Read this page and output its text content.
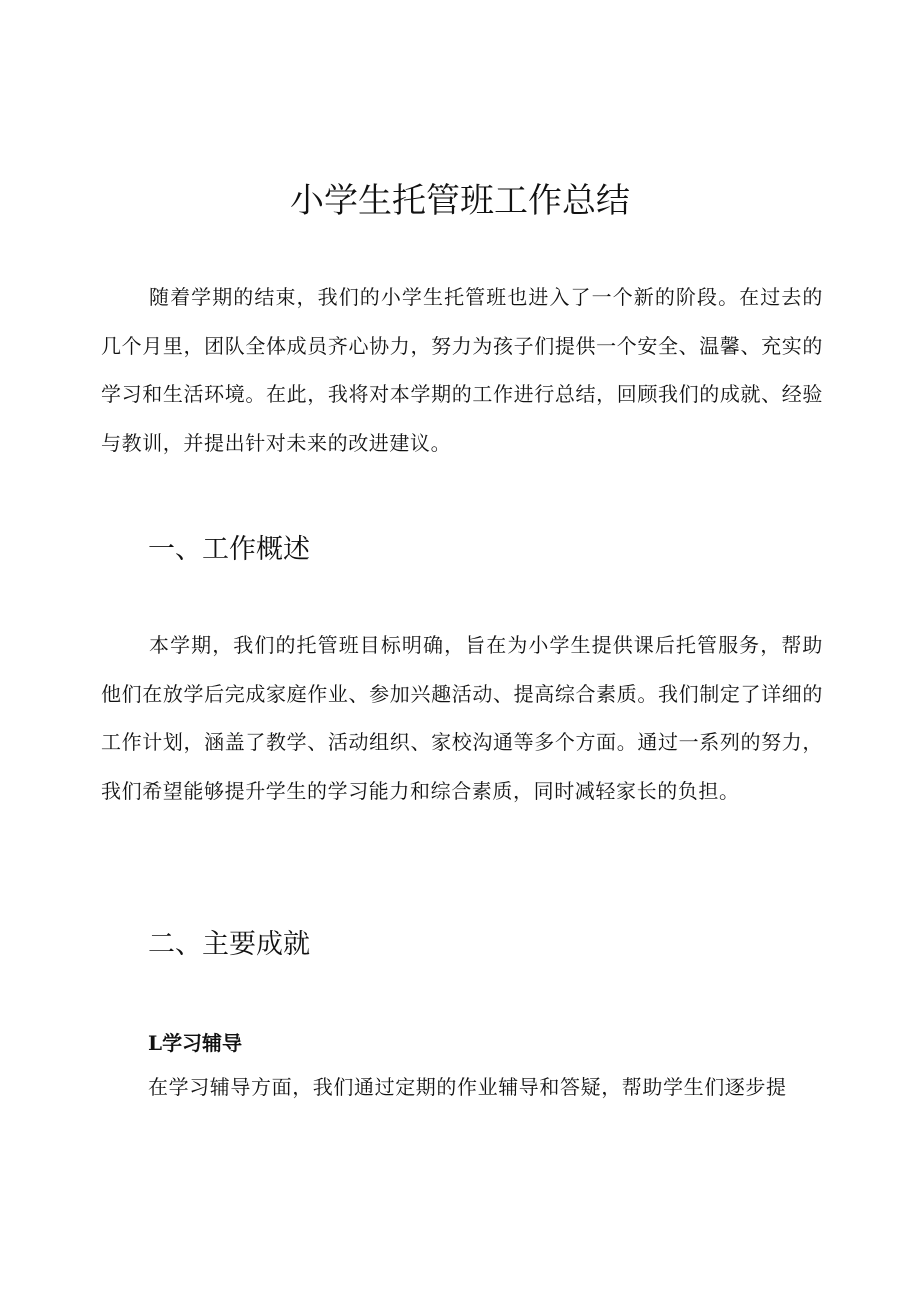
小学生托管班工作总结

随着学期的结束，我们的小学生托管班也进入了一个新的阶段。在过去的几个月里，团队全体成员齐心协力，努力为孩子们提供一个安全、温馨、充实的学习和生活环境。在此，我将对本学期的工作进行总结，回顾我们的成就、经验与教训，并提出针对未来的改进建议。

一、工作概述

本学期，我们的托管班目标明确，旨在为小学生提供课后托管服务，帮助他们在放学后完成家庭作业、参加兴趣活动、提高综合素质。我们制定了详细的工作计划，涵盖了教学、活动组织、家校沟通等多个方面。通过一系列的努力，我们希望能够提升学生的学习能力和综合素质，同时减轻家长的负担。

二、主要成就
L学习辅导

在学习辅导方面，我们通过定期的作业辅导和答疑，帮助学生们逐步提
